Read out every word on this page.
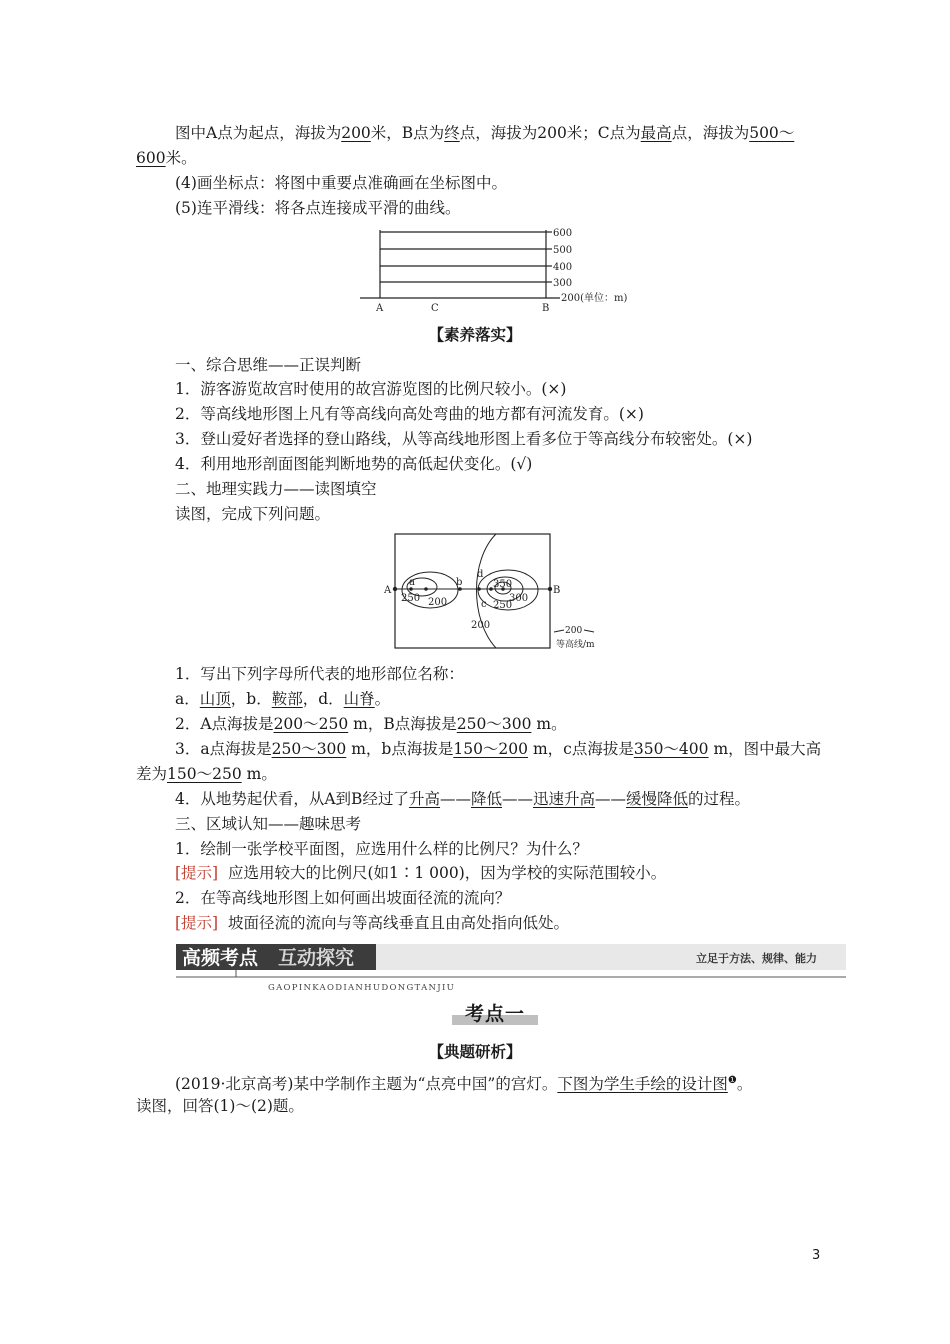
图中A点为起点，海拔为200米，B点为终点，海拔为200米；C点为最高点，海拔为500～
600米。
(4)画坐标点：将图中重要点准确画在坐标图中。
(5)连平滑线：将各点连接成平滑的曲线。
600
500
400
300
200(单位：m)
A	C	B
【素养落实】
一、综合思维——正误判断
1．游客游览故宫时使用的故宫游览图的比例尺较小。(×)
2．等高线地形图上凡有等高线向高处弯曲的地方都有河流发育。(×)
3．登山爱好者选择的登山路线，从等高线地形图上看多位于等高线分布较密处。(×)
4．利用地形剖面图能判断地势的高低起伏变化。(√)
二、地理实践力——读图填空
读图，完成下列问题。
A	B
a	b
d
c
250 200
350
300
250
200	200
等高线/m
1．写出下列字母所代表的地形部位名称：
a．山顶，b．鞍部，d．山脊。
2．A点海拔是200～250 m，B点海拔是250～300 m。
3．a点海拔是250～300 m，b点海拔是150～200 m，c点海拔是350～400 m，图中最大高
差为150～250 m。
4．从地势起伏看，从A到B经过了升高——降低——迅速升高——缓慢降低的过程。
三、区域认知——趣味思考
1．绘制一张学校平面图，应选用什么样的比例尺？为什么？
[提示] 应选用较大的比例尺(如1∶1 000)，因为学校的实际范围较小。
2．在等高线地形图上如何画出坡面径流的流向？
[提示] 坡面径流的流向与等高线垂直且由高处指向低处。
高频考点 互动探究
GAOPINKAODIANHUDONGTANJIU
立足于方法、规律、能力
考点一
【典题研析】
(2019·北京高考)某中学制作主题为“点亮中国”的宫灯。下图为学生手绘的设计图$^❶$。
读图，回答(1)～(2)题。
3
